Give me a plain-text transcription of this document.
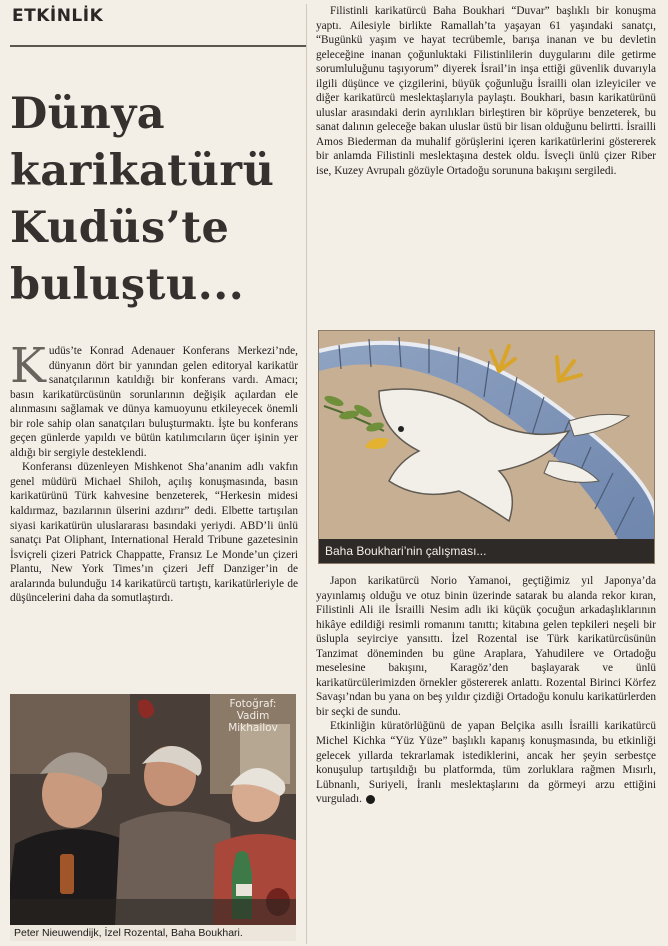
ETKİNLİK
Dünya
karikatürü
Kudüs’te
buluştu...

Kudüs’te Konrad Adenauer Konferans Merkezi’nde, dünyanın dört bir yanından gelen editoryal karikatür sanatçılarının katıldığı bir konferans vardı. Amacı; basın karikatürcüsünün sorunlarının değişik açılardan ele alınmasını sağlamak ve dünya kamuoyunu etkileyecek önemli bir role sahip olan sanatçıları buluşturmaktı. İşte bu konferans geçen günlerde yapıldı ve bütün katılımcıların üçer işinin yer aldığı bir sergiyle desteklendi.

Konferansı düzenleyen Mishkenot Sha’ananim adlı vakfın genel müdürü Michael Shiloh, açılış konuşmasında, basın karikatürünü Türk kahvesine benzeterek, “Herkesin midesi kaldırmaz, bazılarının ülserini azdırır” dedi. Elbette tartışılan siyasi karikatürün uluslararası basındaki yeriydi. ABD’li ünlü sanatçı Pat Oliphant, International Herald Tribune gazetesinin İsviçreli çizeri Patrick Chappatte, Fransız Le Monde’un çizeri Plantu, New York Times’ın çizeri Jeff Danziger’in de aralarında bulunduğu 14 karikatürcü tartıştı, karikatürleriyle de düşüncelerini daha da somutlaştırdı.

Fotoğraf:
Vadim Mikhailov
Peter Nieuwendijk, İzel Rozental, Baha Boukhari.

Filistinli karikatürcü Baha Boukhari “Duvar” başlıklı bir konuşma yaptı. Ailesiyle birlikte Ramallah’ta yaşayan 61 yaşındaki sanatçı, “Bugünkü yaşım ve hayat tecrübemle, barışa inanan ve bu devletin geleceğine inanan çoğunluktaki Filistinlilerin duygularını dile getirme sorumluluğunu taşıyorum” diyerek İsrail’in inşa ettiği güvenlik duvarıyla ilgili düşünce ve çizgilerini, büyük çoğunluğu İsrailli olan izleyiciler ve diğer karikatürcü meslektaşlarıyla paylaştı. Boukhari, basın karikatürünü uluslar arasındaki derin ayrılıkları birleştiren bir köprüye benzeterek, bu sanat dalının geleceğe bakan uluslar üstü bir lisan olduğunu belirtti. İsrailli Amos Biederman da muhalif görüşlerini içeren karikatürlerini göstererek bir anlamda Filistinli meslektaşına destek oldu. İsveçli ünlü çizer Riber ise, Kuzey Avrupalı gözüyle Ortadoğu sorununa bakışını sergiledi.

Baha Boukhari’nin çalışması...

Japon karikatürcü Norio Yamanoi, geçtiğimiz yıl Japonya’da yayınlamış olduğu ve otuz binin üzerinde satarak bu alanda rekor kıran, Filistinli Ali ile İsrailli Nesim adlı iki küçük çocuğun arkadaşlıklarının hikâye edildiği resimli romanını tanıttı; kitabına gelen tepkileri neşeli bir üslupla seyirciye yansıttı. İzel Rozental ise Türk karikatürcüsünün Tanzimat döneminden bu güne Araplara, Yahudilere ve Ortadoğu meselesine bakışını, Karagöz’den başlayarak ve ünlü karikatürcülerimizden örnekler göstererek anlattı. Rozental Birinci Körfez Savaşı’ndan bu yana on beş yıldır çizdiği Ortadoğu konulu karikatürlerden bir seçki de sundu.

Etkinliğin küratörlüğünü de yapan Belçika asıllı İsrailli karikatürcü Michel Kichka “Yüz Yüze” başlıklı kapanış konuşmasında, bu etkinliği gelecek yıllarda tekrarlamak istediklerini, ancak her şeyin serbestçe konuşulup tartışıldığı bu platformda, tüm zorluklara rağmen Mısırlı, Lübnanlı, Suriyeli, İranlı meslektaşlarını da görmeyi arzu ettiğini vurguladı.
